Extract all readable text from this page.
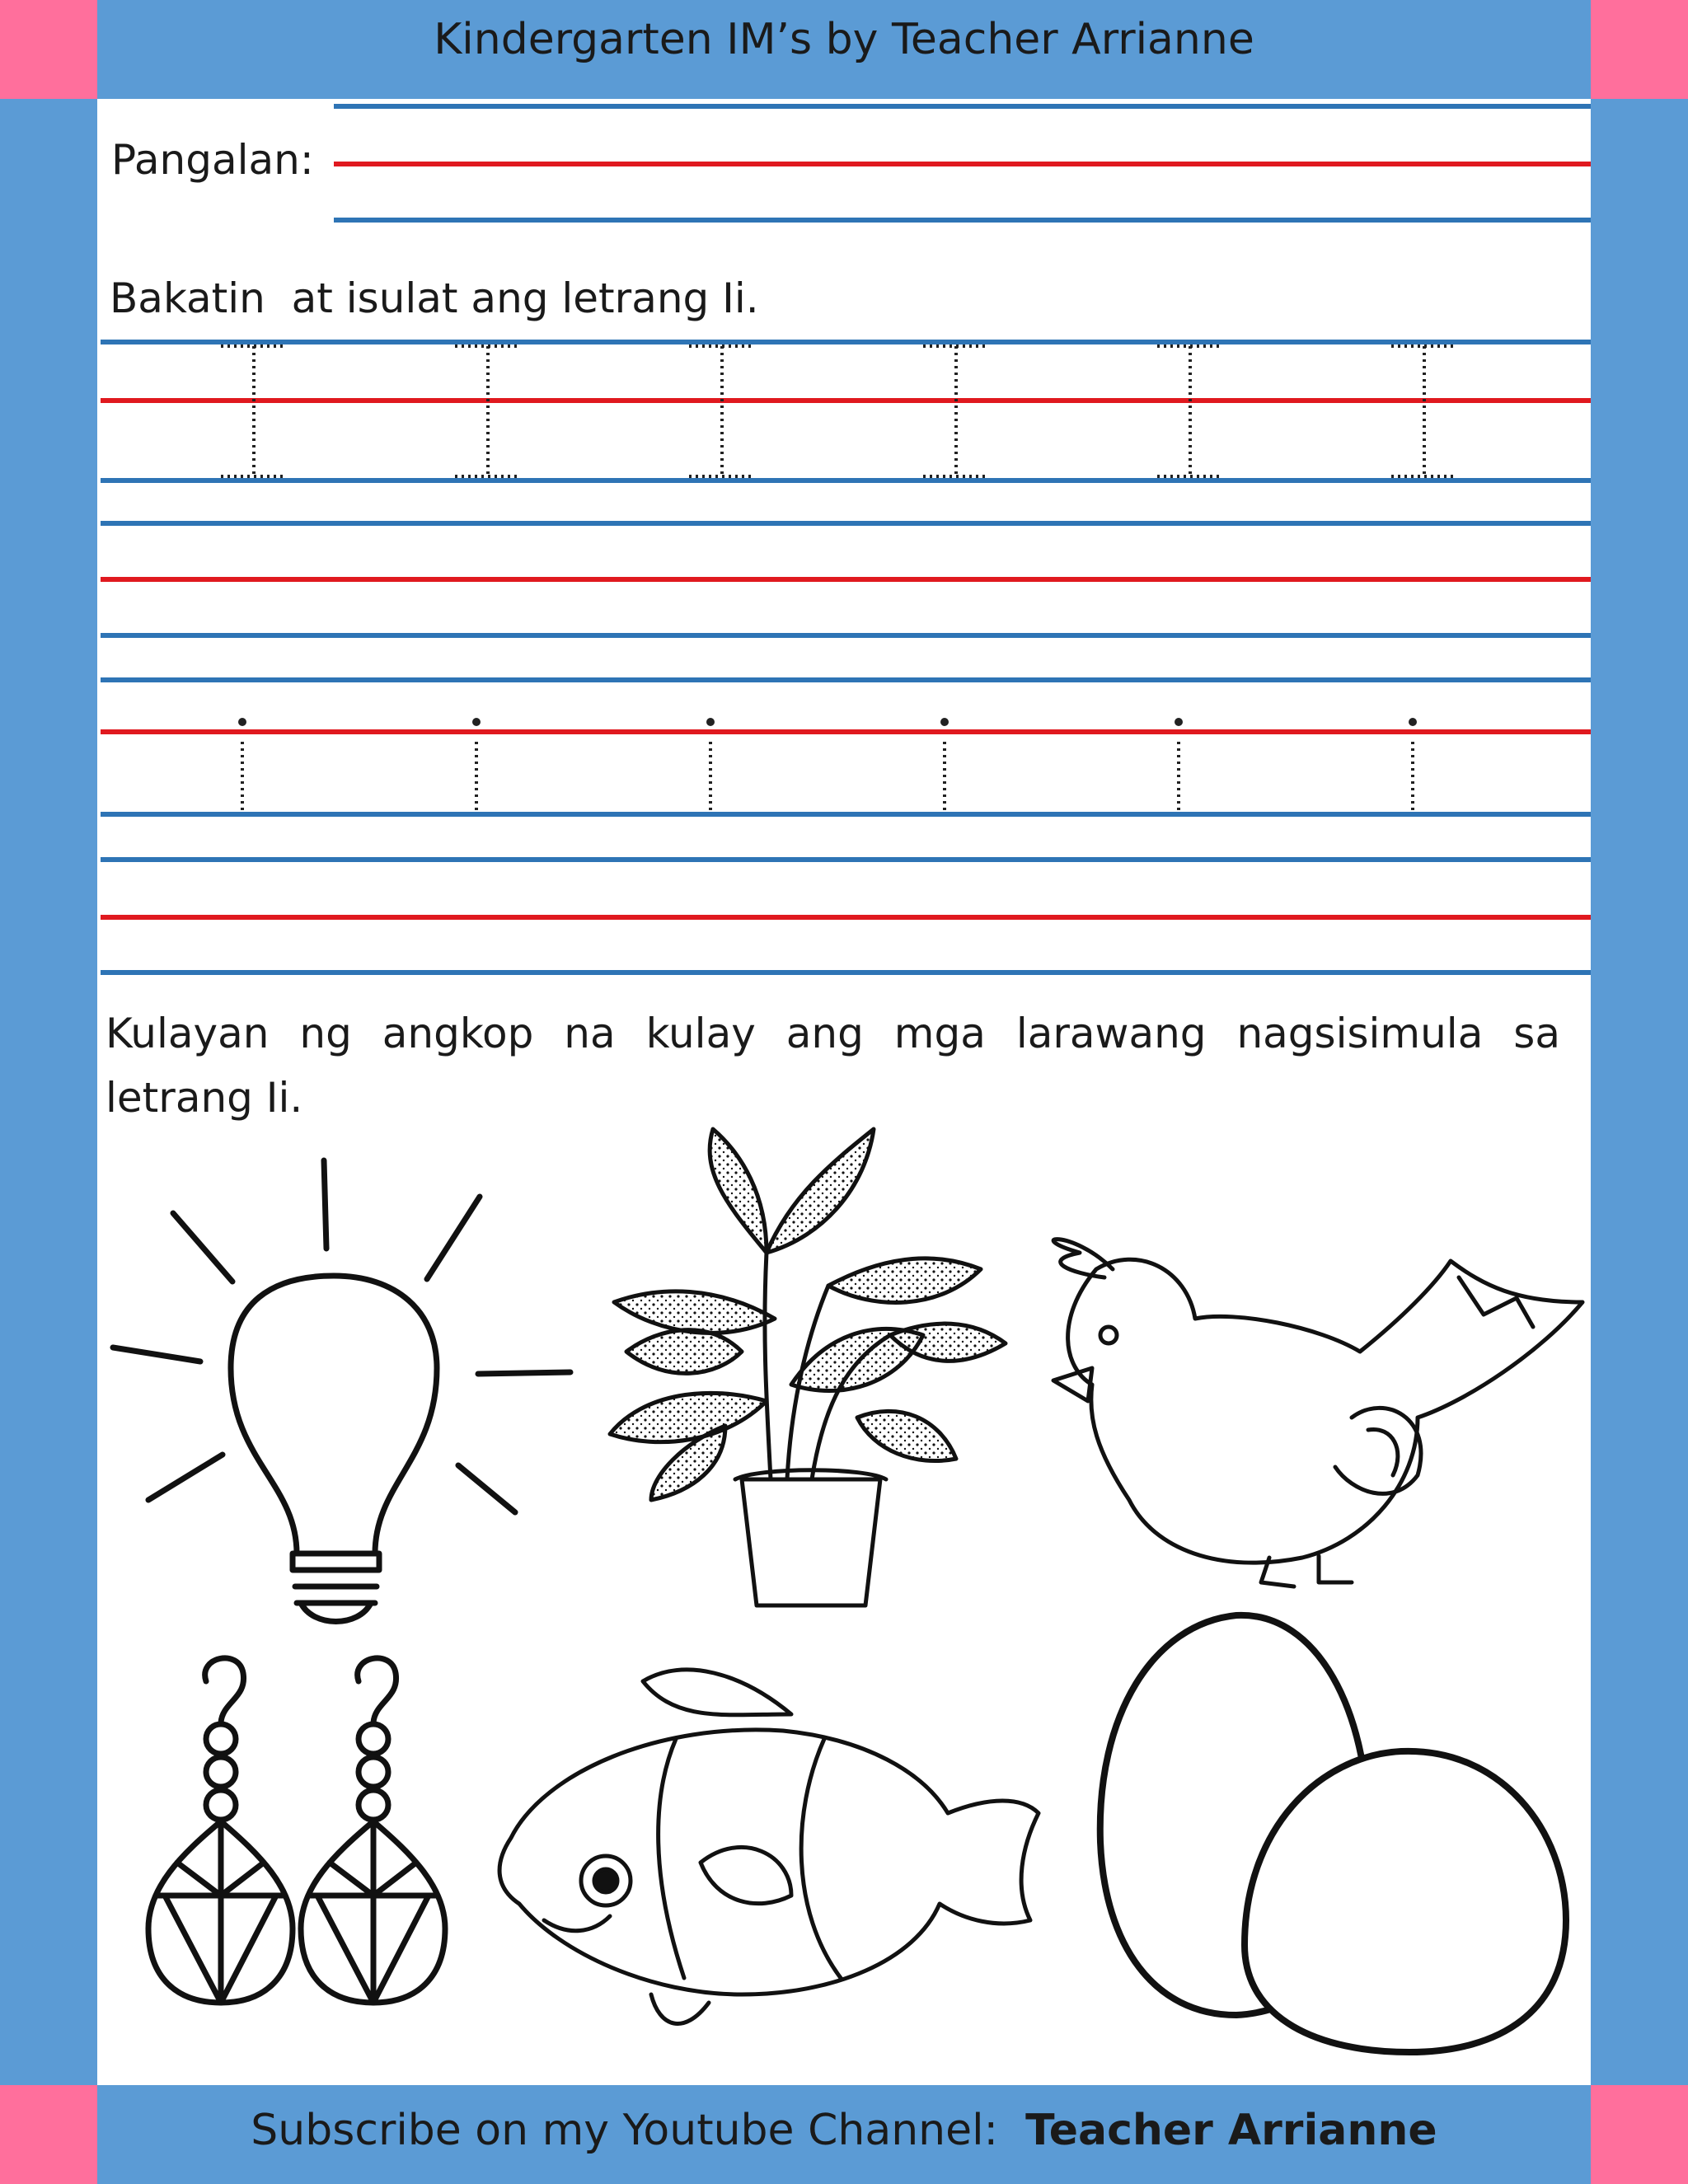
Kindergarten IM’s by Teacher Arrianne
Pangalan:
Bakatin  at isulat ang letrang Ii.
Kulayan ng angkop na kulay ang mga larawang nagsisimula sa letrang Ii.
Subscribe on my Youtube Channel: Teacher Arrianne
